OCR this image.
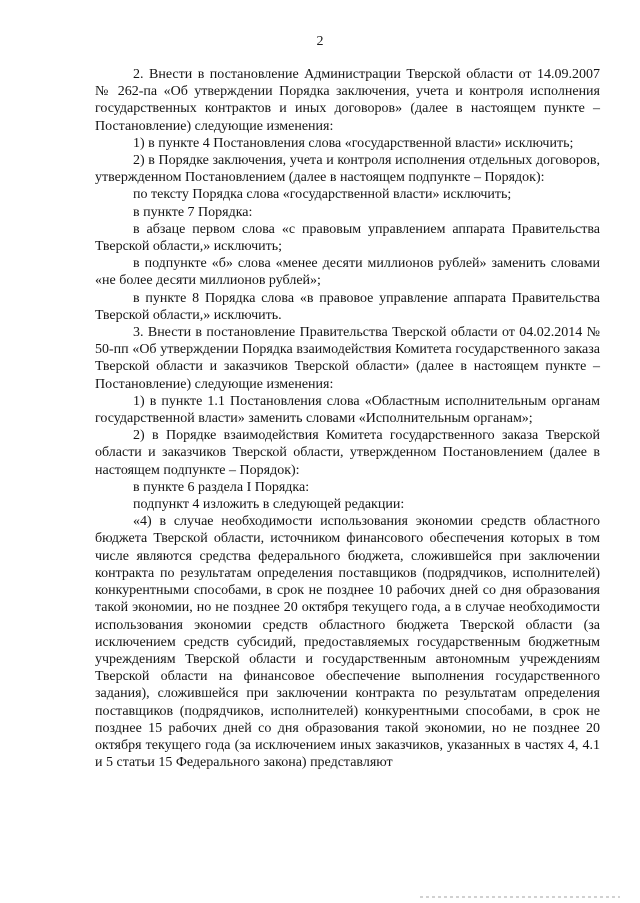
2

2. Внести в постановление Администрации Тверской области от 14.09.2007 № 262-па «Об утверждении Порядка заключения, учета и контроля исполнения государственных контрактов и иных договоров» (далее в настоящем пункте – Постановление) следующие изменения:

1) в пункте 4 Постановления слова «государственной власти» исключить;

2) в Порядке заключения, учета и контроля исполнения отдельных договоров, утвержденном Постановлением (далее в настоящем подпункте – Порядок):

по тексту Порядка слова «государственной власти» исключить;

в пункте 7 Порядка:

в абзаце первом слова «с правовым управлением аппарата Правительства Тверской области,» исключить;

в подпункте «б» слова «менее десяти миллионов рублей» заменить словами «не более десяти миллионов рублей»;

в пункте 8 Порядка слова «в правовое управление аппарата Правительства Тверской области,» исключить.

3. Внести в постановление Правительства Тверской области от 04.02.2014 № 50-пп «Об утверждении Порядка взаимодействия Комитета государственного заказа Тверской области и заказчиков Тверской области» (далее в настоящем пункте – Постановление) следующие изменения:

1) в пункте 1.1 Постановления слова «Областным исполнительным органам государственной власти» заменить словами «Исполнительным органам»;

2) в Порядке взаимодействия Комитета государственного заказа Тверской области и заказчиков Тверской области, утвержденном Постановлением (далее в настоящем подпункте – Порядок):

в пункте 6 раздела I Порядка:

подпункт 4 изложить в следующей редакции:

«4) в случае необходимости использования экономии средств областного бюджета Тверской области, источником финансового обеспечения которых в том числе являются средства федерального бюджета, сложившейся при заключении контракта по результатам определения поставщиков (подрядчиков, исполнителей) конкурентными способами, в срок не позднее 10 рабочих дней со дня образования такой экономии, но не позднее 20 октября текущего года, а в случае необходимости использования экономии средств областного бюджета Тверской области (за исключением средств субсидий, предоставляемых государственным бюджетным учреждениям Тверской области и государственным автономным учреждениям Тверской области на финансовое обеспечение выполнения государственного задания), сложившейся при заключении контракта по результатам определения поставщиков (подрядчиков, исполнителей) конкурентными способами, в срок не позднее 15 рабочих дней со дня образования такой экономии, но не позднее 20 октября текущего года (за исключением иных заказчиков, указанных в частях 4, 4.1 и 5 статьи 15 Федерального закона) представляют
